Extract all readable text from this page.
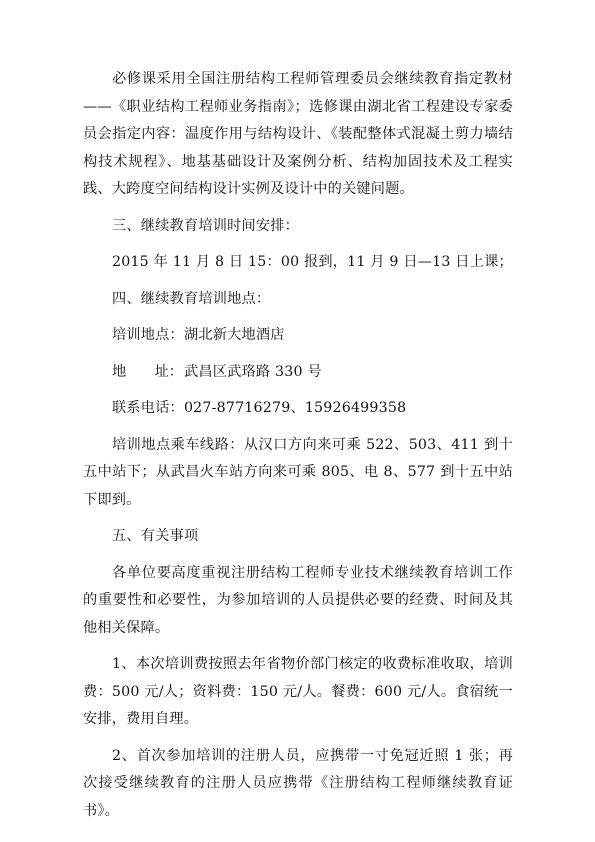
必修课采用全国注册结构工程师管理委员会继续教育指定教材——《职业结构工程师业务指南》；选修课由湖北省工程建设专家委员会指定内容：温度作用与结构设计、《装配整体式混凝土剪力墙结构技术规程》、地基基础设计及案例分析、结构加固技术及工程实践、大跨度空间结构设计实例及设计中的关键问题。

三、继续教育培训时间安排：

2015 年 11 月 8 日 15：00 报到，11 月 9 日—13 日上课；

四、继续教育培训地点：

培训地点：湖北新大地酒店

地　　址：武昌区武珞路 330 号

联系电话：027-87716279、15926499358

培训地点乘车线路：从汉口方向来可乘 522、503、411 到十五中站下；从武昌火车站方向来可乘 805、电 8、577 到十五中站下即到。

五、有关事项

各单位要高度重视注册结构工程师专业技术继续教育培训工作的重要性和必要性，为参加培训的人员提供必要的经费、时间及其他相关保障。

1、本次培训费按照去年省物价部门核定的收费标准收取，培训费：500 元/人；资料费：150 元/人。餐费：600 元/人。食宿统一安排，费用自理。

2、首次参加培训的注册人员，应携带一寸免冠近照 1 张；再次接受继续教育的注册人员应携带《注册结构工程师继续教育证书》。
